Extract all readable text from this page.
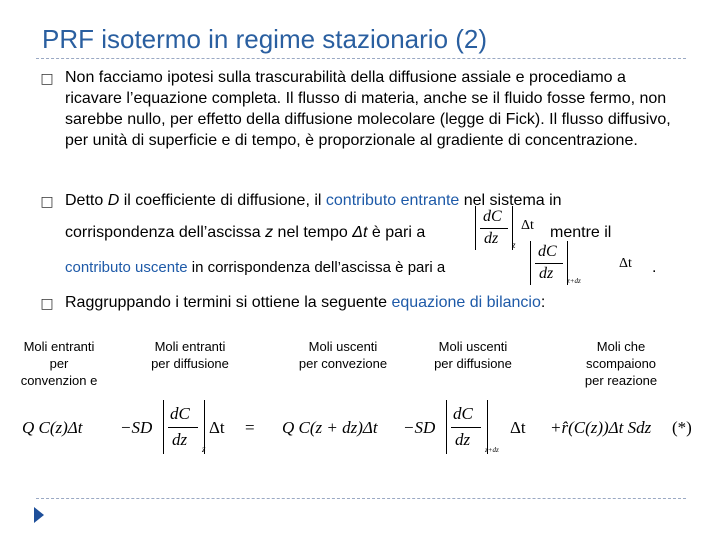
PRF isotermo in regime stazionario (2)
□ Non facciamo ipotesi sulla trascurabilità della diffusione assiale e procediamo a ricavare l’equazione completa. Il flusso di materia, anche se il fluido fosse fermo, non sarebbe nullo, per effetto della diffusione molecolare (legge di Fick). Il flusso diffusivo, per unità di superficie e di tempo, è proporzionale al gradiente di concentrazione.
□ Detto D il coefficiente di diffusione, il contributo entrante nel sistema in
corrispondenza dell’ascissa z nel tempo Δt è pari a
dC
dz z
Δt mentre il
contributo uscente in corrispondenza dell’ascissa è pari a
dC
dz z+dz
Δt .
□ Raggruppando i termini si ottiene la seguente equazione di bilancio:
Moli entranti per convenzion e
Moli entranti per diffusione
Moli uscenti per convezione
Moli uscenti per diffusione
Moli che scompaiono per reazione
Q C(z)Δt −SD
dC
dz z
Δt = Q C(z + dz)Δt −SD
dC
dz
z+dz
Δt +r̂(C(z))Δt Sdz (*)
